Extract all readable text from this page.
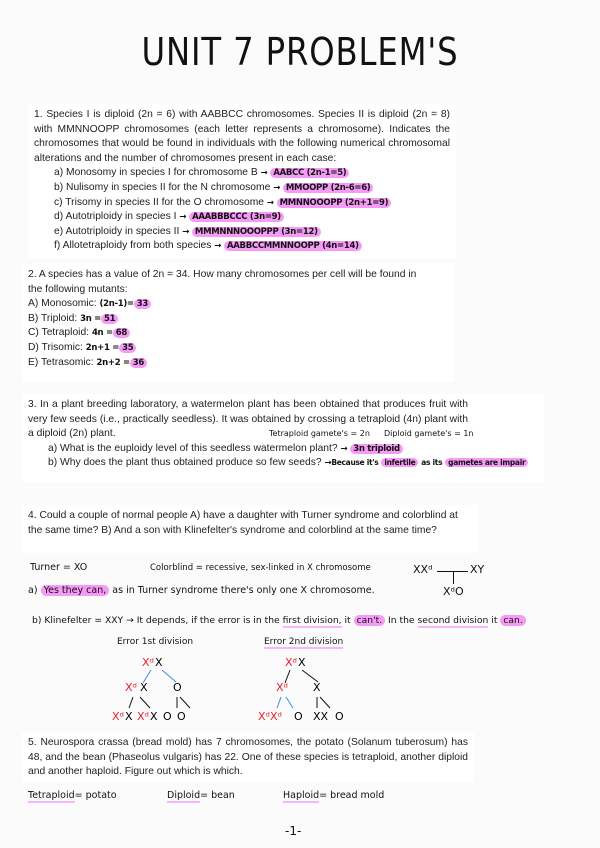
UNIT 7 PROBLEM'S
1. Species I is diploid (2n = 6) with AABBCC chromosomes. Species II is diploid (2n = 8) with MMNNOOPP chromosomes (each letter represents a chromosome). Indicates the chromosomes that would be found in individuals with the following numerical chromosomal alterations and the number of chromosomes present in each case:
a) Monosomy in species I for chromosome B → AABCC (2n-1=5)
b) Nulisomy in species II for the N chromosome → MMOOPP (2n-6=6)
c) Trisomy in species II for the O chromosome → MMNNOOOPP (2n+1=9)
d) Autotriploidy in species I → AAABBBCCC (3n=9)
e) Autotriploidy in species II → MMMNNNOOOPPP (3n=12)
f) Allotetraploidy from both species → AABBCCMMNNOOPP (4n=14)
2. A species has a value of 2n = 34. How many chromosomes per cell will be found in
the following mutants:
A) Monosomic: (2n-1)= 33
B) Triploid: 3n = 51
C) Tetraploid: 4n = 68
D) Trisomic: 2n+1 = 35
E) Tetrasomic: 2n+2 = 36
3. In a plant breeding laboratory, a watermelon plant has been obtained that produces fruit with very few seeds (i.e., practically seedless). It was obtained by crossing a tetraploid (4n) plant with a diploid (2n) plant.	Tetraploid gamete's = 2n Diploid gamete's = 1n
a) What is the euploidy level of this seedless watermelon plant? → 3n triploid
b) Why does the plant thus obtained produce so few seeds? →Because it's infertile as its gametes are impair
4. Could a couple of normal people A) have a daughter with Turner syndrome and colorblind at the same time? B) And a son with Klinefelter's syndrome and colorblind at the same time?
Turner = XO	Colorblind = recessive, sex-linked in X chromosome	XXᵈ	XY
XᵈO
a) Yes they can, as in Turner syndrome there's only one X chromosome.
b) Klinefelter = XXY → It depends, if the error is in the first division, it can't. In the second division it can.
Error 1st division	Error 2nd division
Xᵈ X
Xᵈ X O
Xᵈ X Xᵈ X O O
Xᵈ X
Xᵈ X
XᵈXᵈ O XX O
5. Neurospora crassa (bread mold) has 7 chromosomes, the potato (Solanum tuberosum) has 48, and the bean (Phaseolus vulgaris) has 22. One of these species is tetraploid, another diploid and another haploid. Figure out which is which.
Tetraploid= potato	Diploid= bean	Haploid= bread mold
-1-
